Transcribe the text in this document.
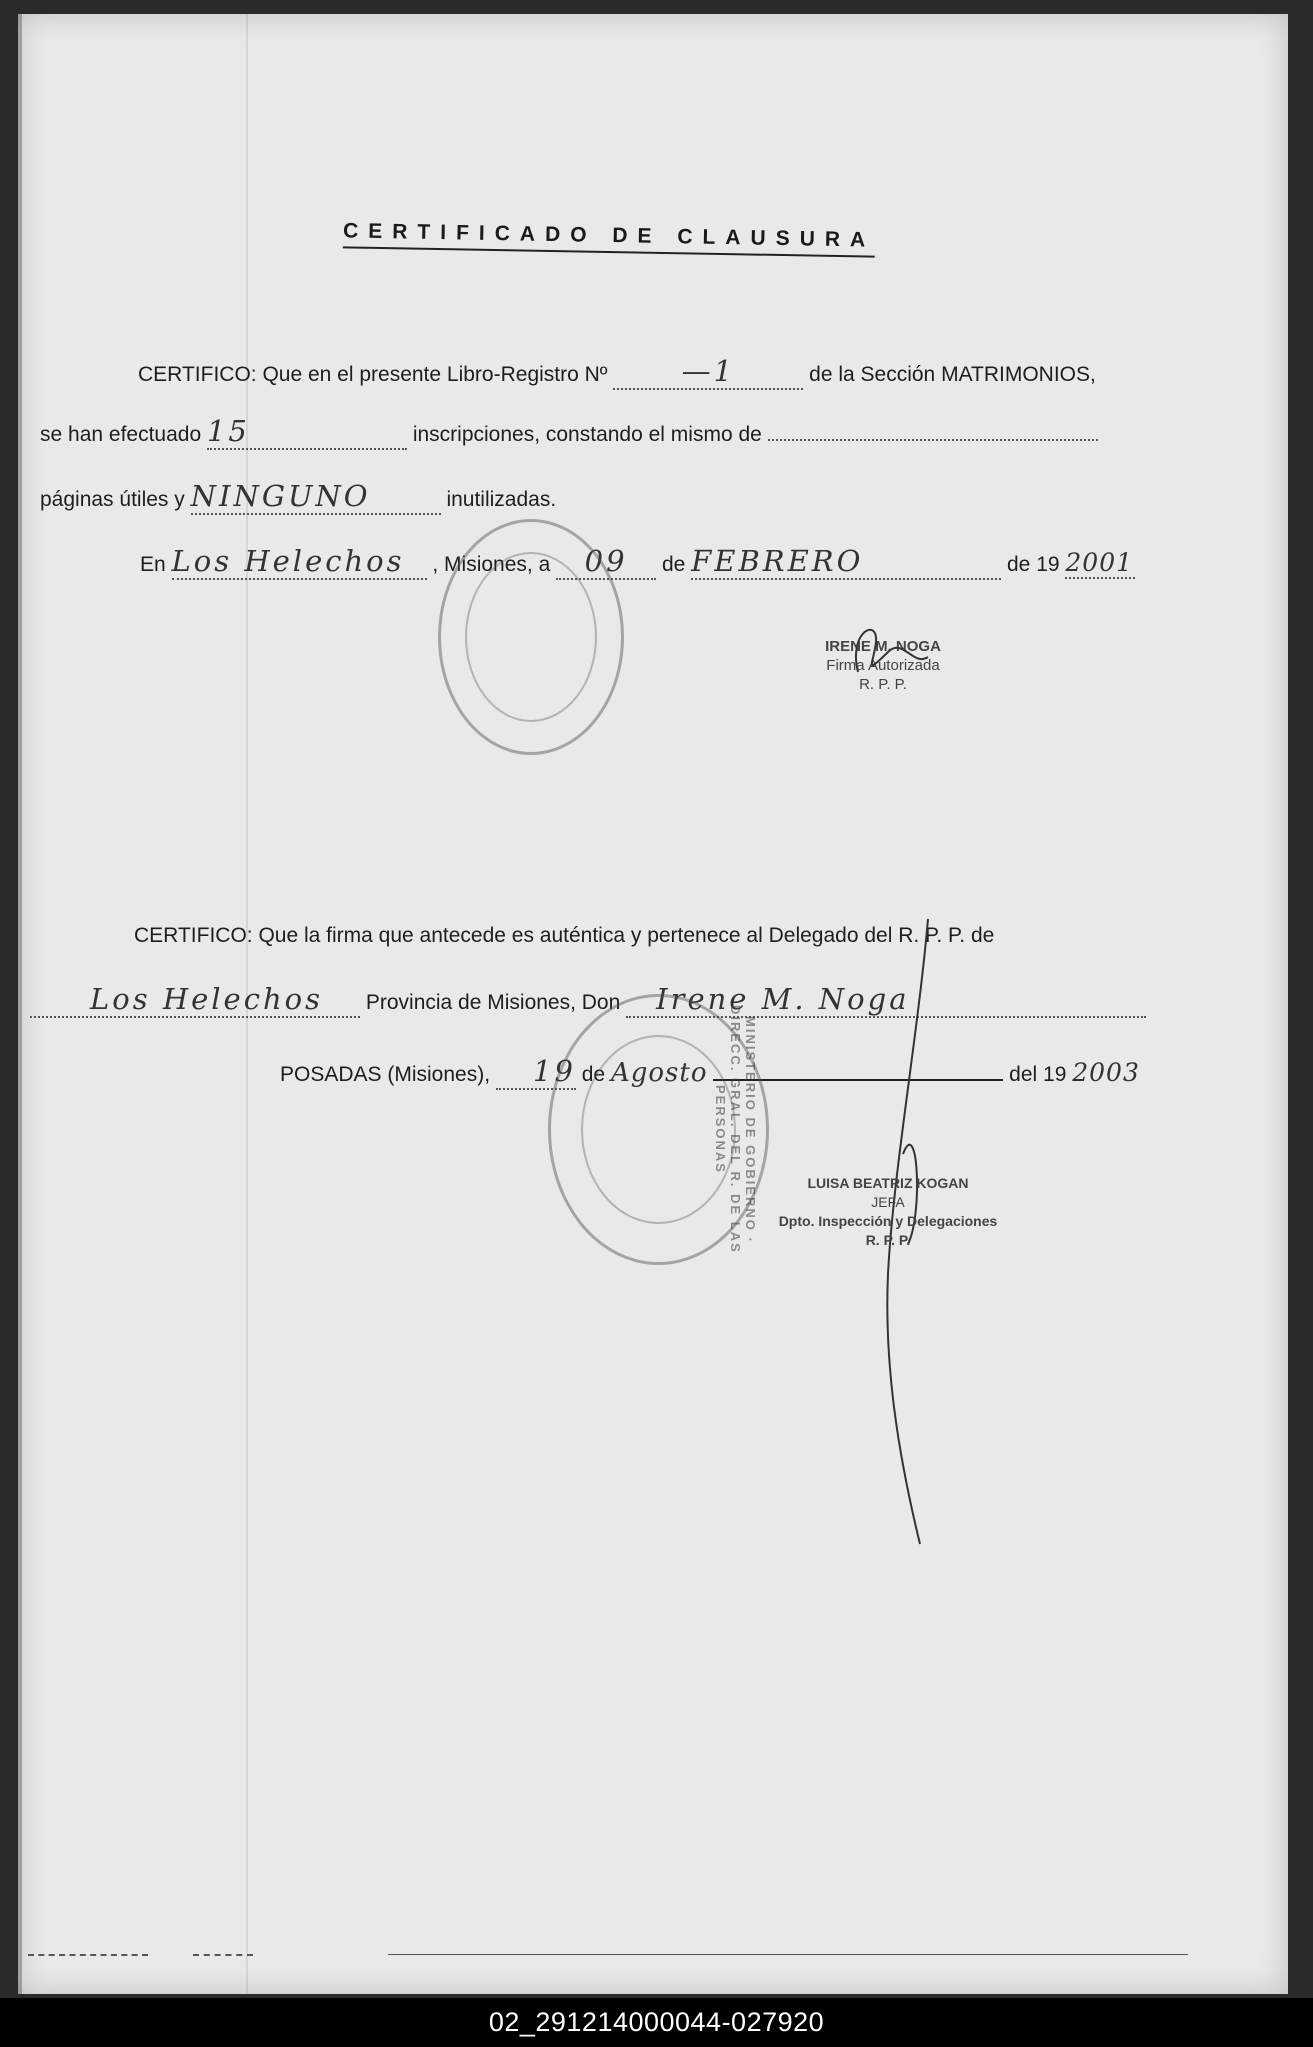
CERTIFICADO DE CLAUSURA
CERTIFICO: Que en el presente Libro-Registro Nº	—1	de la Sección MATRIMONIOS,
se han efectuado 15	inscripciones, constando el mismo de
páginas útiles y NINGUNO	inutilizadas.
En Los Helechos , Misiones, a 09 de FEBRERO	de 19 2001
IRENE M. NOGA
Firma Autorizada
R. P. P.
CERTIFICO: Que la firma que antecede es auténtica y pertenece al Delegado del R. P. P. de
Los Helechos Provincia de Misiones, Don Irene M. Noga
POSADAS (Misiones), 19 de Agosto	del 19 2003
MINISTERIO DE GOBIERNO · DIRECC. GRAL. DEL R. DE LAS PERSONAS
LUISA BEATRIZ KOGAN
JEFA
Dpto. Inspección y Delegaciones
R. P. P.
02_291214000044-027920
